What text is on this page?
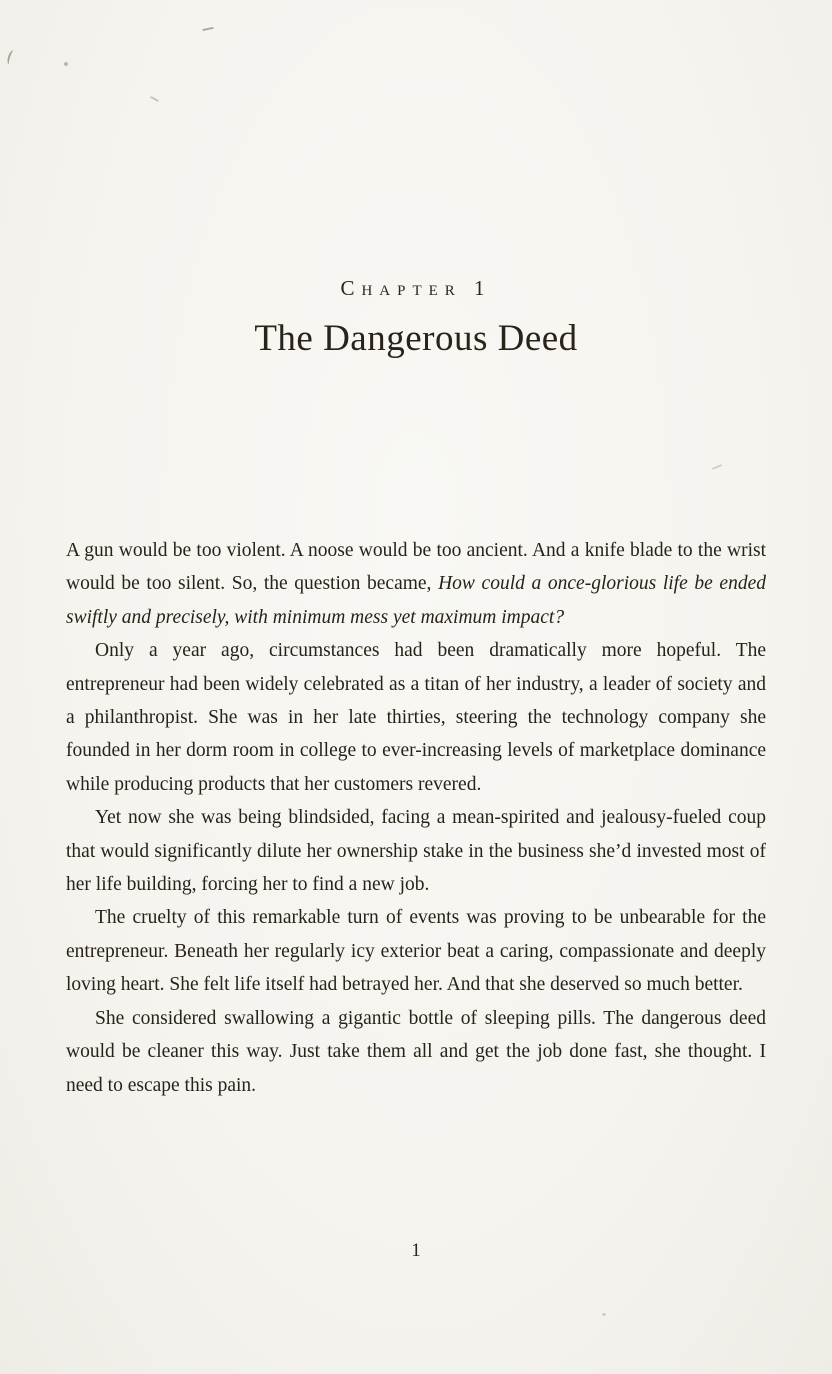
Chapter 1
The Dangerous Deed

A gun would be too violent. A noose would be too ancient. And a knife blade to the wrist would be too silent. So, the question became, How could a once-glorious life be ended swiftly and precisely, with minimum mess yet maximum impact?

Only a year ago, circumstances had been dramatically more hopeful. The entrepreneur had been widely celebrated as a titan of her industry, a leader of society and a philanthropist. She was in her late thirties, steering the technology company she founded in her dorm room in college to ever-increasing levels of marketplace dominance while producing products that her customers revered.

Yet now she was being blindsided, facing a mean-spirited and jealousy-fueled coup that would significantly dilute her ownership stake in the business she’d invested most of her life building, forcing her to find a new job.

The cruelty of this remarkable turn of events was proving to be unbearable for the entrepreneur. Beneath her regularly icy exterior beat a caring, compassionate and deeply loving heart. She felt life itself had betrayed her. And that she deserved so much better.

She considered swallowing a gigantic bottle of sleeping pills. The dangerous deed would be cleaner this way. Just take them all and get the job done fast, she thought. I need to escape this pain.

1
